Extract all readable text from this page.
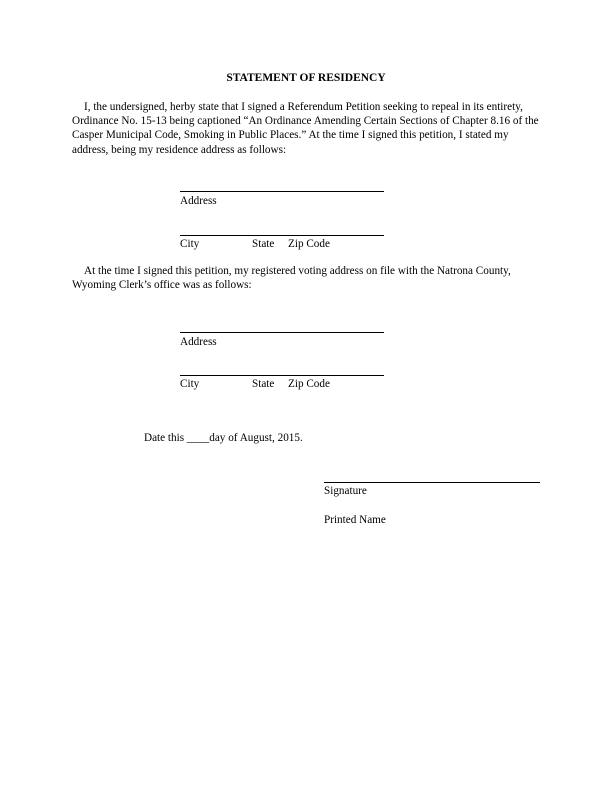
STATEMENT OF RESIDENCY

I, the undersigned, herby state that I signed a Referendum Petition seeking to repeal in its entirety, Ordinance No. 15-13 being captioned “An Ordinance Amending Certain Sections of Chapter 8.16 of the Casper Municipal Code, Smoking in Public Places.” At the time I signed this petition, I stated my address, being my residence address as follows:

Address
City	State Zip Code

At the time I signed this petition, my registered voting address on file with the Natrona County, Wyoming Clerk’s office was as follows:

Address
City	State Zip Code
Date this ____day of August, 2015.
Signature
Printed Name
